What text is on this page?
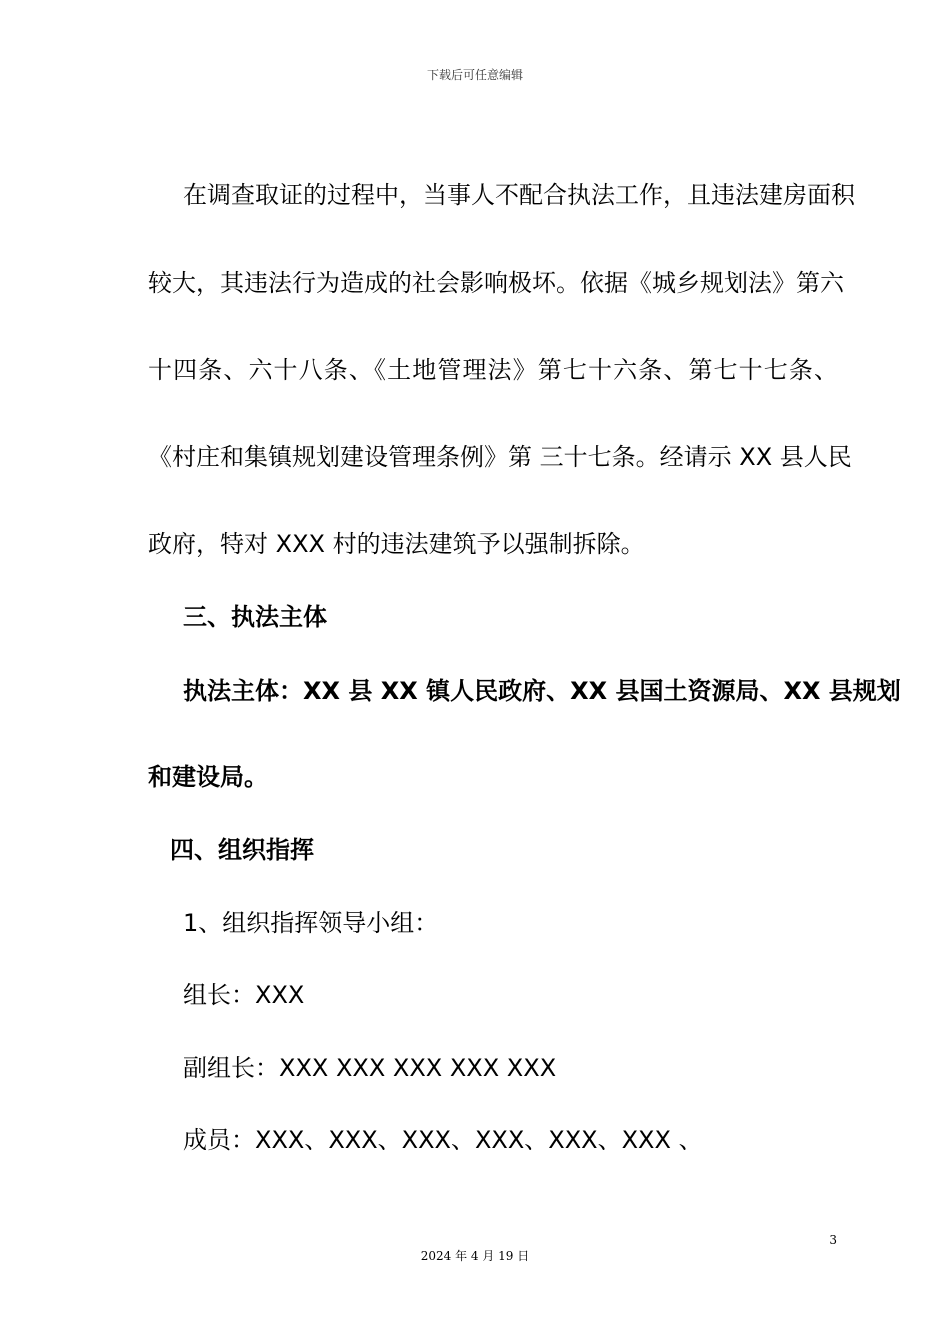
下载后可任意编辑
在调查取证的过程中，当事人不配合执法工作，且违法建房面积
较大，其违法行为造成的社会影响极坏。依据《城乡规划法》第六
十四条、六十八条、《土地管理法》第七十六条、第七十七条、
《村庄和集镇规划建设管理条例》第 三十七条。经请示 XX 县人民
政府，特对 XXX 村的违法建筑予以强制拆除。
三、执法主体
执法主体：XX 县 XX 镇人民政府、XX 县国土资源局、XX 县规划
和建设局。
四、组织指挥
1、组织指挥领导小组：
组长：XXX
副组长：XXX XXX XXX XXX XXX
成员：XXX、XXX、XXX、XXX、XXX、XXX 、
3
2024 年 4 月 19 日
